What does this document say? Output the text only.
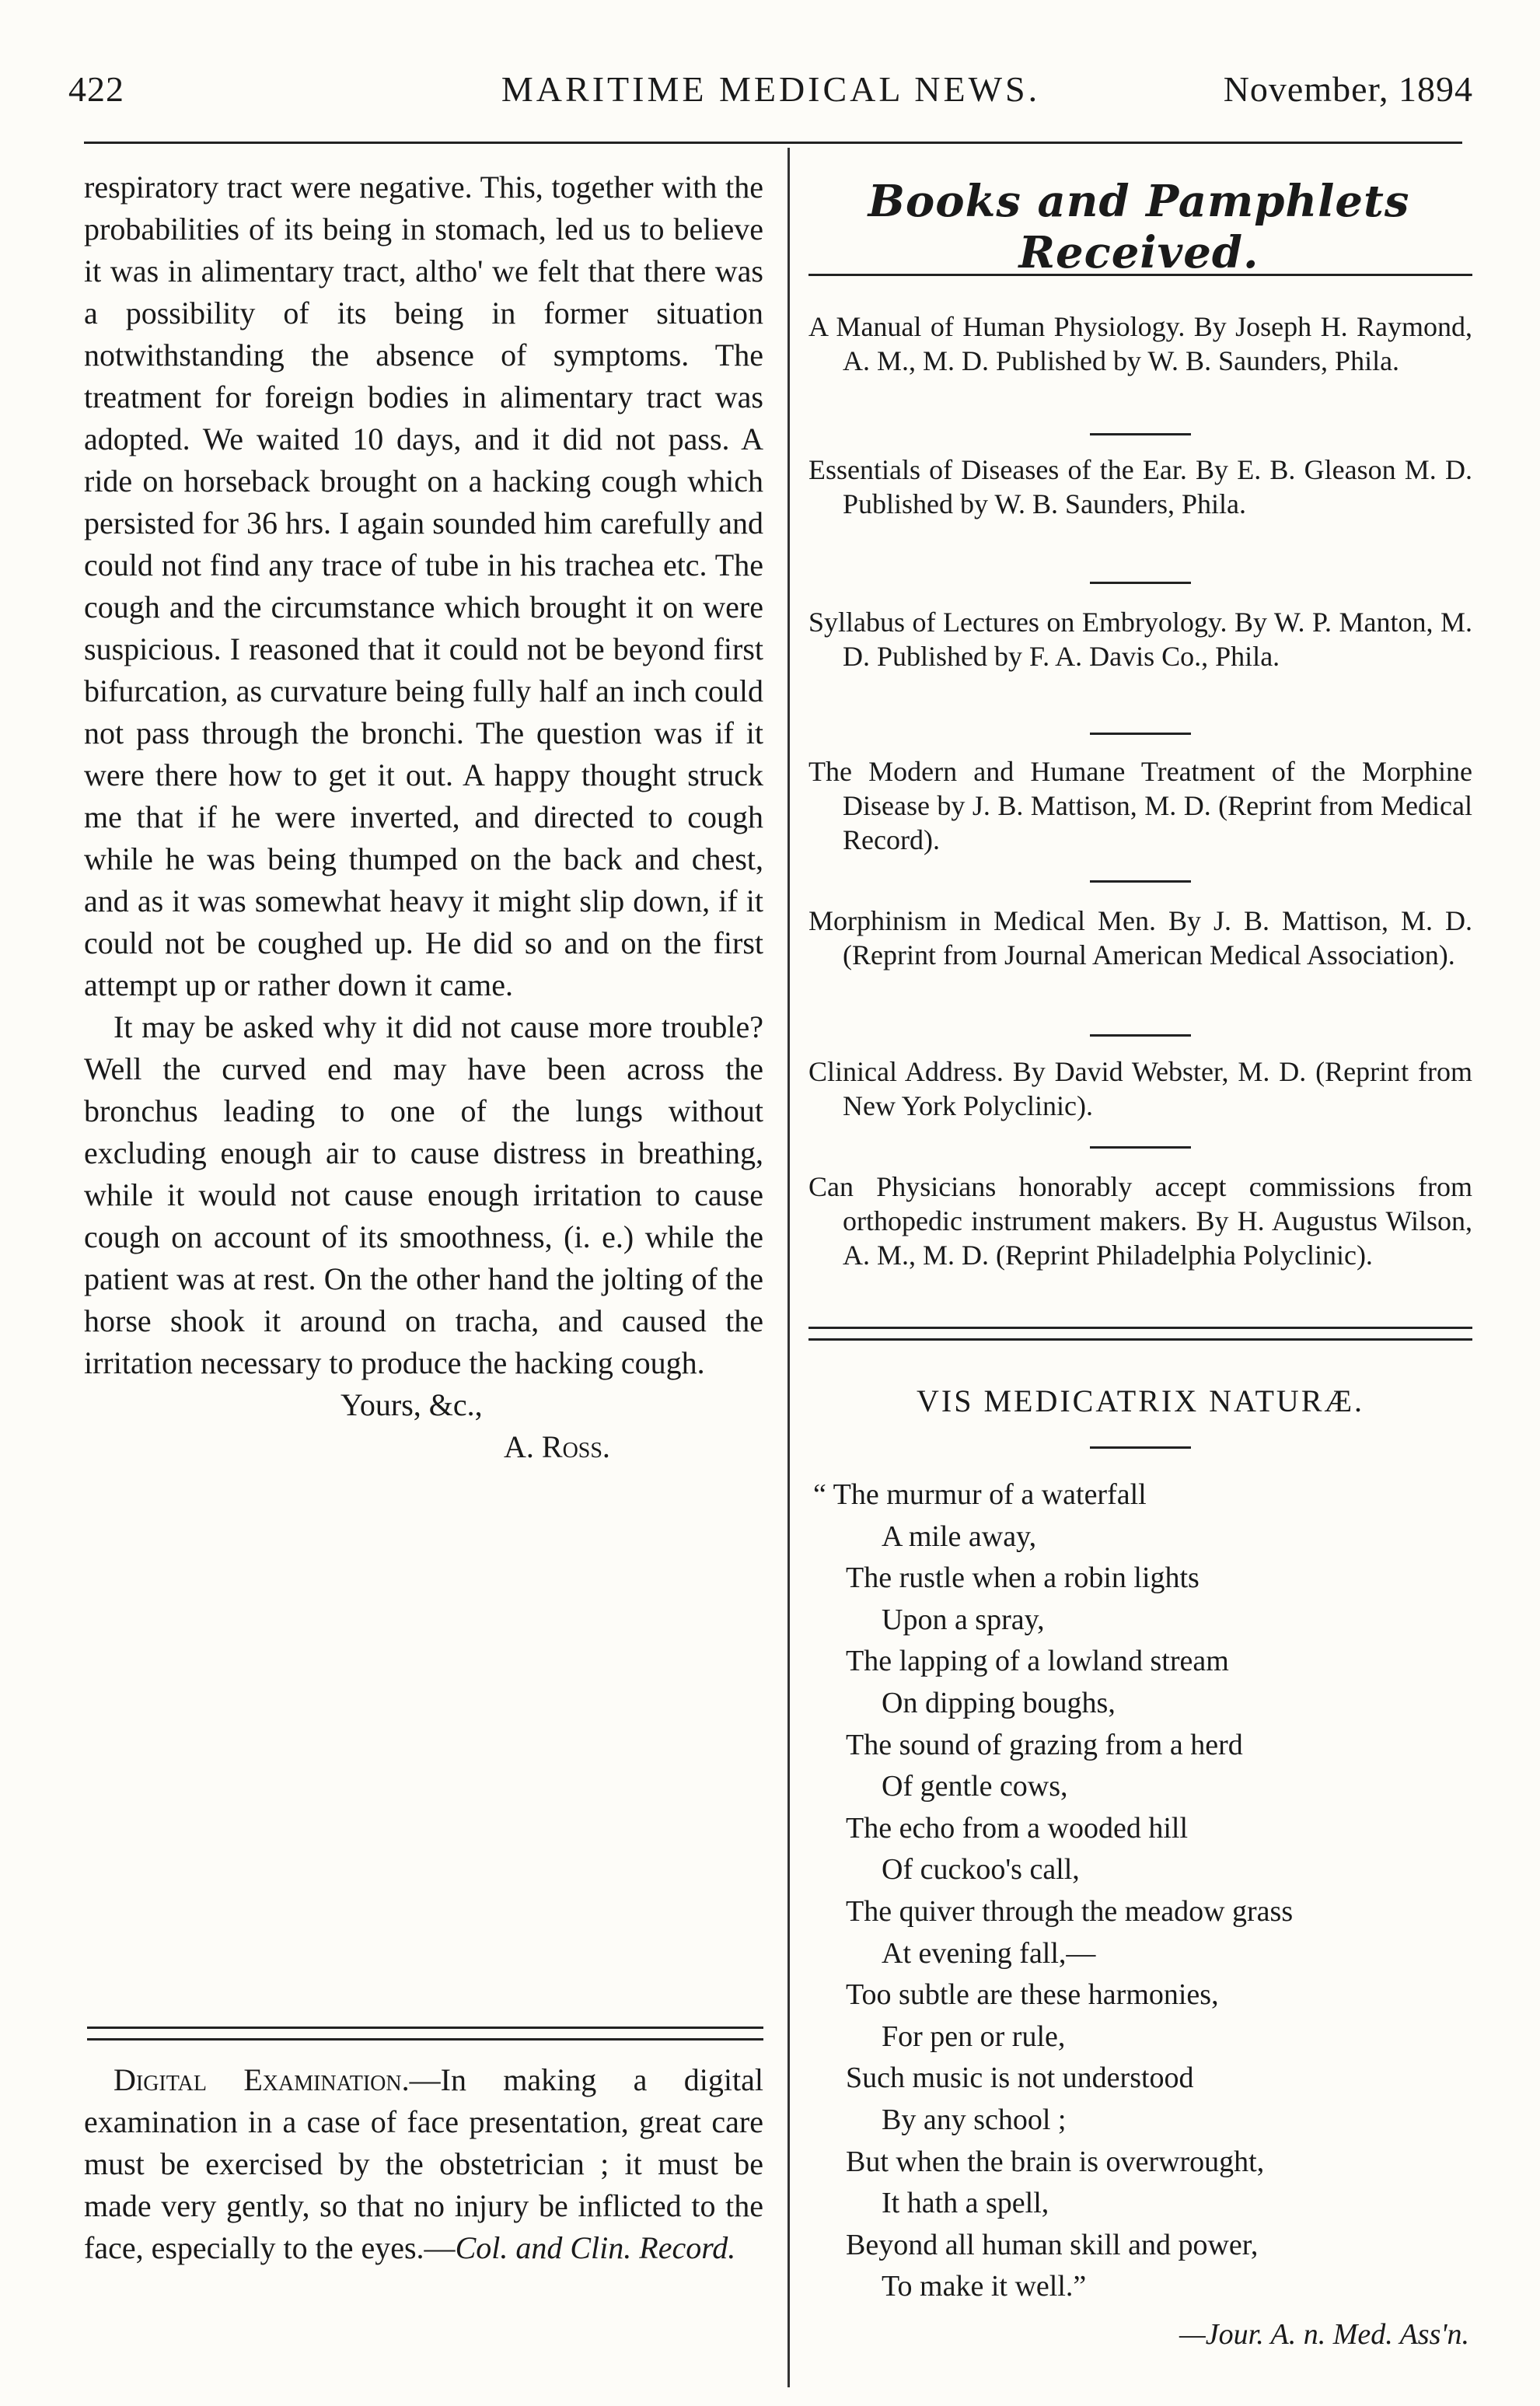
422	MARITIME MEDICAL NEWS.	November, 1894

respiratory tract were negative. This, together with the probabilities of its being in stomach, led us to believe it was in alimentary tract, altho' we felt that there was a possibility of its being in former situation notwithstanding the absence of symptoms. The treatment for foreign bodies in alimentary tract was adopted. We waited 10 days, and it did not pass. A ride on horseback brought on a hacking cough which persisted for 36 hrs. I again sounded him carefully and could not find any trace of tube in his trachea etc. The cough and the circumstance which brought it on were suspicious. I reasoned that it could not be beyond first bifurcation, as curvature being fully half an inch could not pass through the bronchi. The question was if it were there how to get it out. A happy thought struck me that if he were inverted, and directed to cough while he was being thumped on the back and chest, and as it was somewhat heavy it might slip down, if it could not be coughed up. He did so and on the first attempt up or rather down it came.

It may be asked why it did not cause more trouble? Well the curved end may have been across the bronchus leading to one of the lungs without excluding enough air to cause distress in breathing, while it would not cause enough irritation to cause cough on account of its smoothness, (i. e.) while the patient was at rest. On the other hand the jolting of the horse shook it around on tracha, and caused the irritation necessary to produce the hacking cough.

Yours, &c.,

A. Ross.

Digital Examination.—In making a digital examination in a case of face presentation, great care must be exercised by the obstetrician ; it must be made very gently, so that no injury be inflicted to the face, especially to the eyes.—Col. and Clin. Record.

Books and Pamphlets Received.
A Manual of Human Physiology. By Joseph H. Raymond, A. M., M. D. Published by W. B. Saunders, Phila.
Essentials of Diseases of the Ear. By E. B. Gleason M. D. Published by W. B. Saunders, Phila.
Syllabus of Lectures on Embryology. By W. P. Manton, M. D. Published by F. A. Davis Co., Phila.
The Modern and Humane Treatment of the Morphine Disease by J. B. Mattison, M. D. (Reprint from Medical Record).
Morphinism in Medical Men. By J. B. Mattison, M. D. (Reprint from Journal American Medical Association).
Clinical Address. By David Webster, M. D. (Reprint from New York Polyclinic).
Can Physicians honorably accept commissions from orthopedic instrument makers. By H. Augustus Wilson, A. M., M. D. (Reprint Philadelphia Polyclinic).
VIS MEDICATRIX NATURÆ.
“ The murmur of a waterfall
A mile away,
The rustle when a robin lights
Upon a spray,
The lapping of a lowland stream
On dipping boughs,
The sound of grazing from a herd
Of gentle cows,
The echo from a wooded hill
Of cuckoo's call,
The quiver through the meadow grass
At evening fall,—
Too subtle are these harmonies,
For pen or rule,
Such music is not understood
By any school ;
But when the brain is overwrought,
It hath a spell,
Beyond all human skill and power,
To make it well.”
—Jour. A. n. Med. Ass'n.
